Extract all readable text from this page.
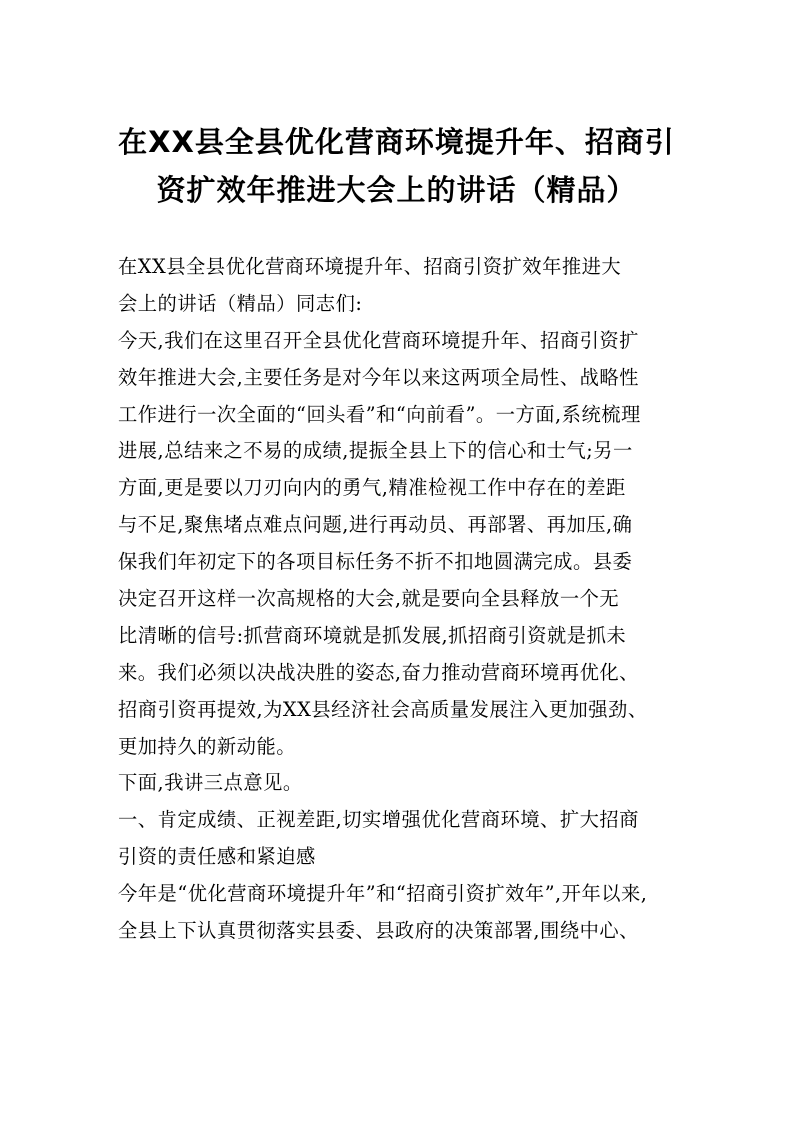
在XX县全县优化营商环境提升年、招商引
资扩效年推进大会上的讲话（精品）
在XX县全县优化营商环境提升年、招商引资扩效年推进大
会上的讲话（精品）同志们:
今天,我们在这里召开全县优化营商环境提升年、招商引资扩
效年推进大会,主要任务是对今年以来这两项全局性、战略性
工作进行一次全面的“回头看”和“向前看”。一方面,系统梳理
进展,总结来之不易的成绩,提振全县上下的信心和士气;另一
方面,更是要以刀刃向内的勇气,精准检视工作中存在的差距
与不足,聚焦堵点难点问题,进行再动员、再部署、再加压,确
保我们年初定下的各项目标任务不折不扣地圆满完成。县委
决定召开这样一次高规格的大会,就是要向全县释放一个无
比清晰的信号:抓营商环境就是抓发展,抓招商引资就是抓未
来。我们必须以决战决胜的姿态,奋力推动营商环境再优化、
招商引资再提效,为XX县经济社会高质量发展注入更加强劲、
更加持久的新动能。
下面,我讲三点意见。
一、肯定成绩、正视差距,切实增强优化营商环境、扩大招商
引资的责任感和紧迫感
今年是“优化营商环境提升年”和“招商引资扩效年”,开年以来,
全县上下认真贯彻落实县委、县政府的决策部署,围绕中心、
